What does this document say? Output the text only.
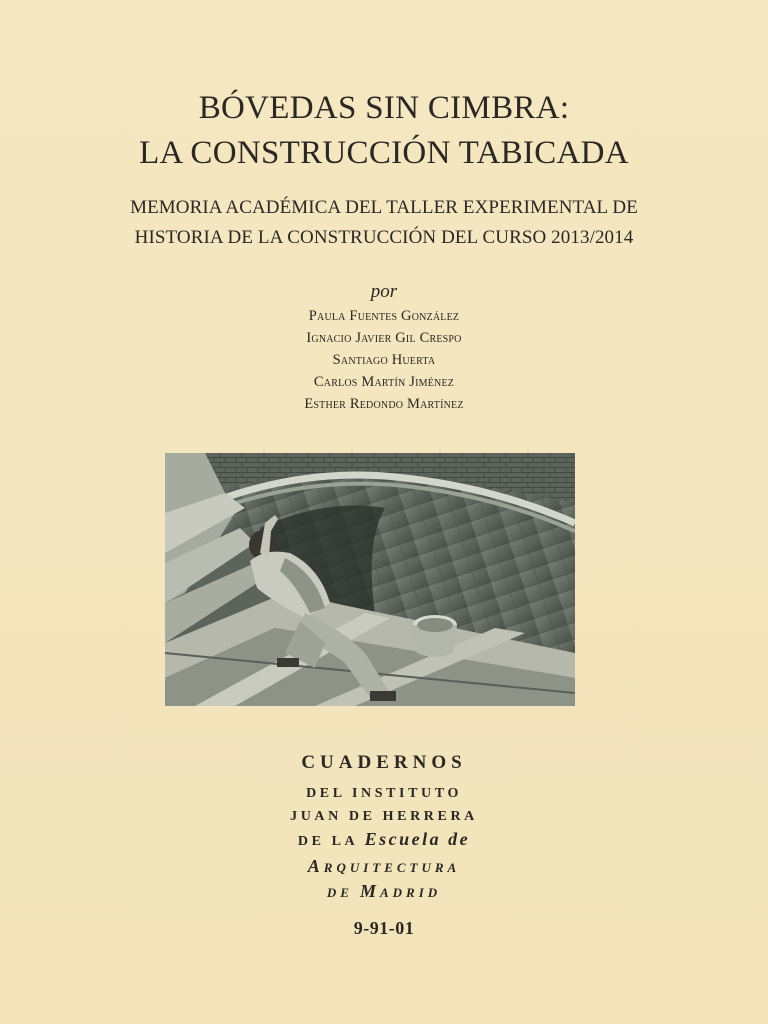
BÓVEDAS SIN CIMBRA:
LA CONSTRUCCIÓN TABICADA
MEMORIA ACADÉMICA DEL TALLER EXPERIMENTAL DE
HISTORIA DE LA CONSTRUCCIÓN DEL CURSO 2013/2014
por
Paula Fuentes González
Ignacio Javier Gil Crespo
Santiago Huerta
Carlos Martín Jiménez
Esther Redondo Martínez
CUADERNOS
DEL INSTITUTO
JUAN DE HERRERA
DE LA Escuela de
Arquitectura
de Madrid
9-91-01
